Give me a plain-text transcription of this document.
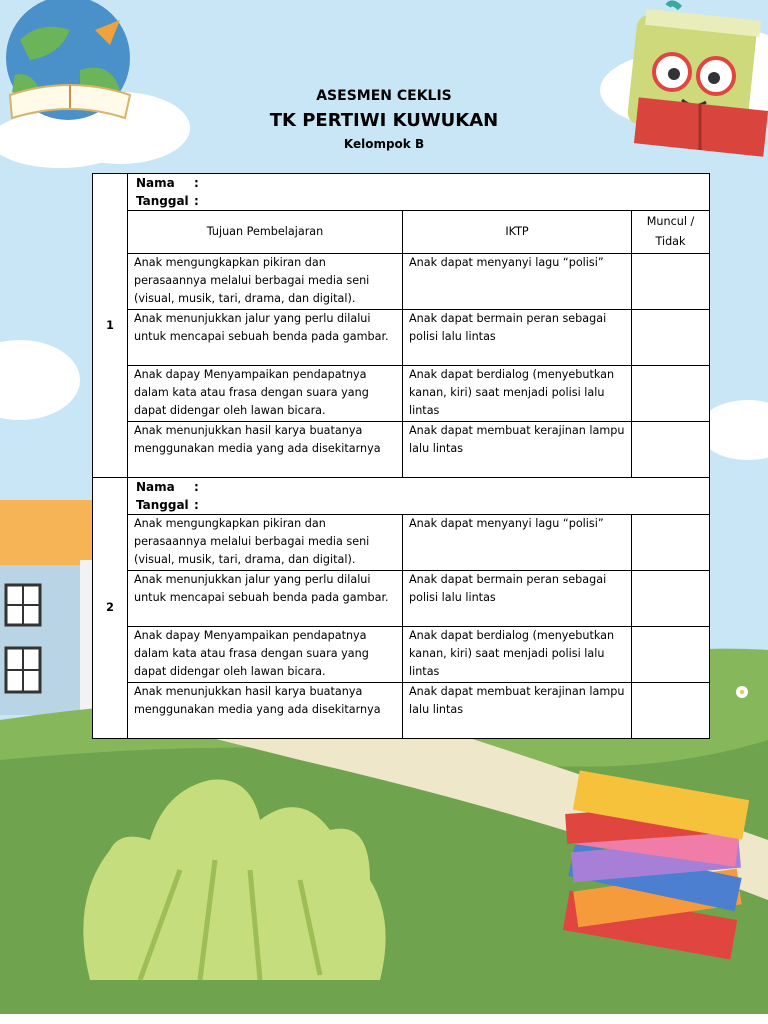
ASESMEN CEKLIS
TK PERTIWI KUWUKAN
Kelompok B
1	Nama :
Tanggal :		

	Tujuan Pembelajaran	IKTP	Muncul / Tidak
	Anak mengungkapkan pikiran dan perasaannya melalui berbagai media seni (visual, musik, tari, drama, dan digital).	Anak dapat menyanyi lagu “polisi”	
	Anak menunjukkan jalur yang perlu dilalui untuk mencapai sebuah benda pada gambar.	Anak dapat bermain peran sebagai polisi lalu lintas	
	Anak dapay Menyampaikan pendapatnya dalam kata atau frasa dengan suara yang dapat didengar oleh lawan bicara.	Anak dapat berdialog (menyebutkan kanan, kiri) saat menjadi polisi lalu lintas	
	Anak menunjukkan hasil karya buatanya menggunakan media yang ada disekitarnya	Anak dapat membuat kerajinan lampu lalu lintas	
2	Nama :
Tanggal :		

	Anak mengungkapkan pikiran dan perasaannya melalui berbagai media seni (visual, musik, tari, drama, dan digital).	Anak dapat menyanyi lagu “polisi”	
	Anak menunjukkan jalur yang perlu dilalui untuk mencapai sebuah benda pada gambar.	Anak dapat bermain peran sebagai polisi lalu lintas	
	Anak dapay Menyampaikan pendapatnya dalam kata atau frasa dengan suara yang dapat didengar oleh lawan bicara.	Anak dapat berdialog (menyebutkan kanan, kiri) saat menjadi polisi lalu lintas	
	Anak menunjukkan hasil karya buatanya menggunakan media yang ada disekitarnya	Anak dapat membuat kerajinan lampu lalu lintas	
